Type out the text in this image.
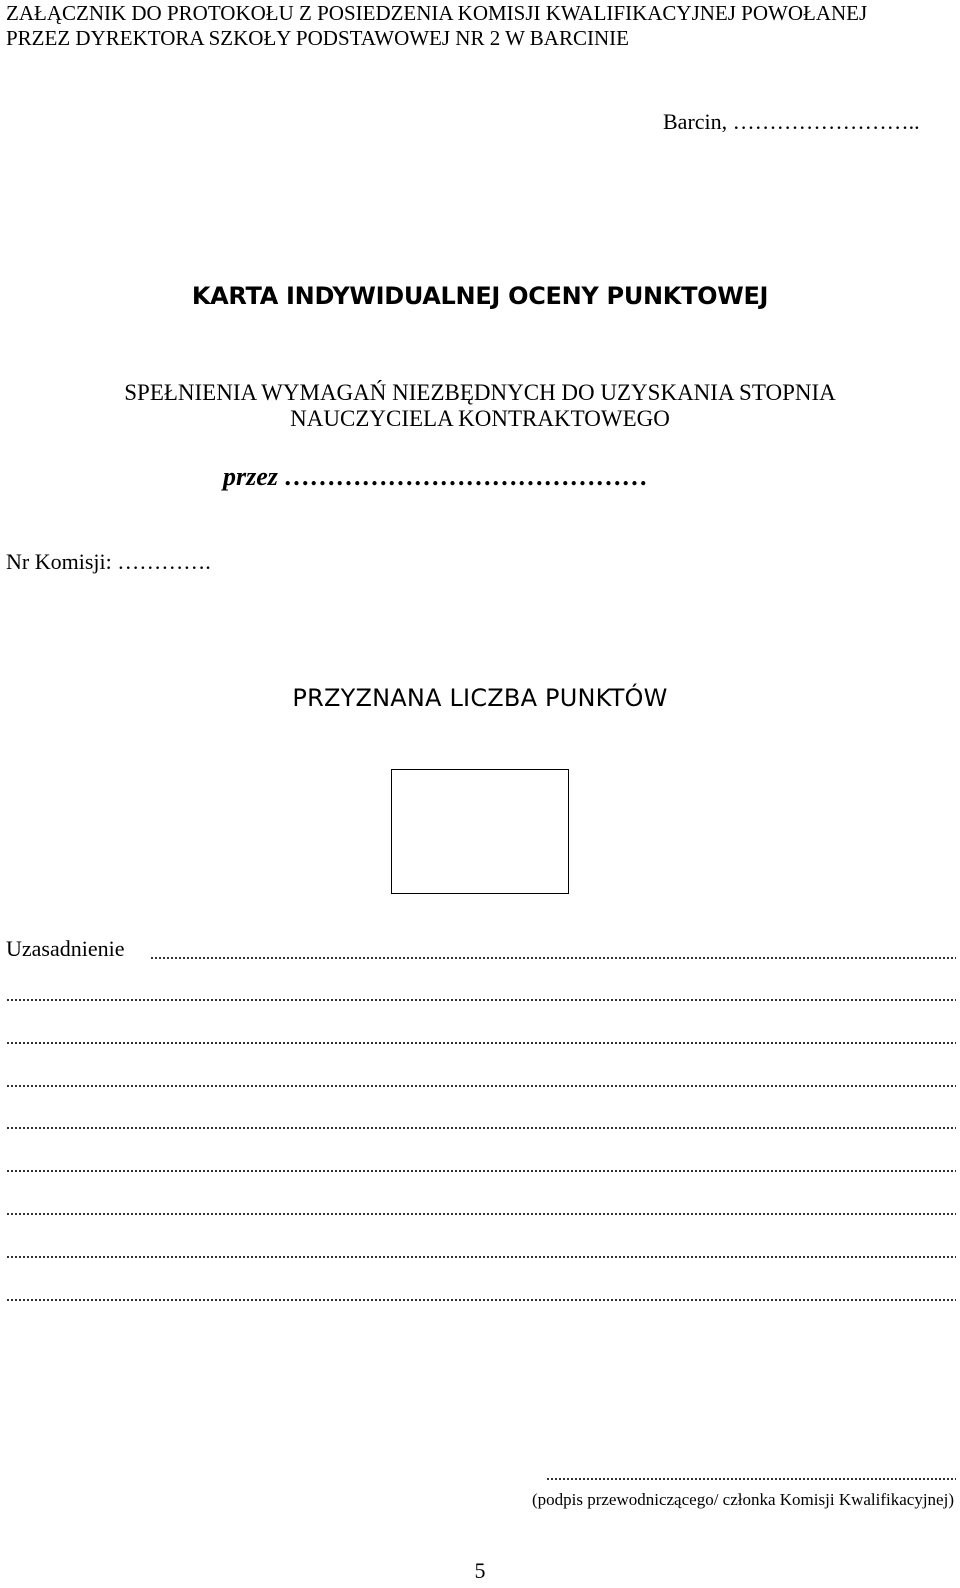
ZAŁĄCZNIK DO PROTOKOŁU Z POSIEDZENIA KOMISJI KWALIFIKACYJNEJ POWOŁANEJ
PRZEZ DYREKTORA SZKOŁY PODSTAWOWEJ NR 2 W BARCINIE
Barcin, ……………………..
KARTA INDYWIDUALNEJ OCENY PUNKTOWEJ
SPEŁNIENIA WYMAGAŃ NIEZBĘDNYCH DO UZYSKANIA STOPNIA
NAUCZYCIELA KONTRAKTOWEGO
przez ……………………………………
Nr Komisji: ………….
PRZYZNANA LICZBA PUNKTÓW
Uzasadnienie
(podpis przewodniczącego/ członka Komisji Kwalifikacyjnej)
5
